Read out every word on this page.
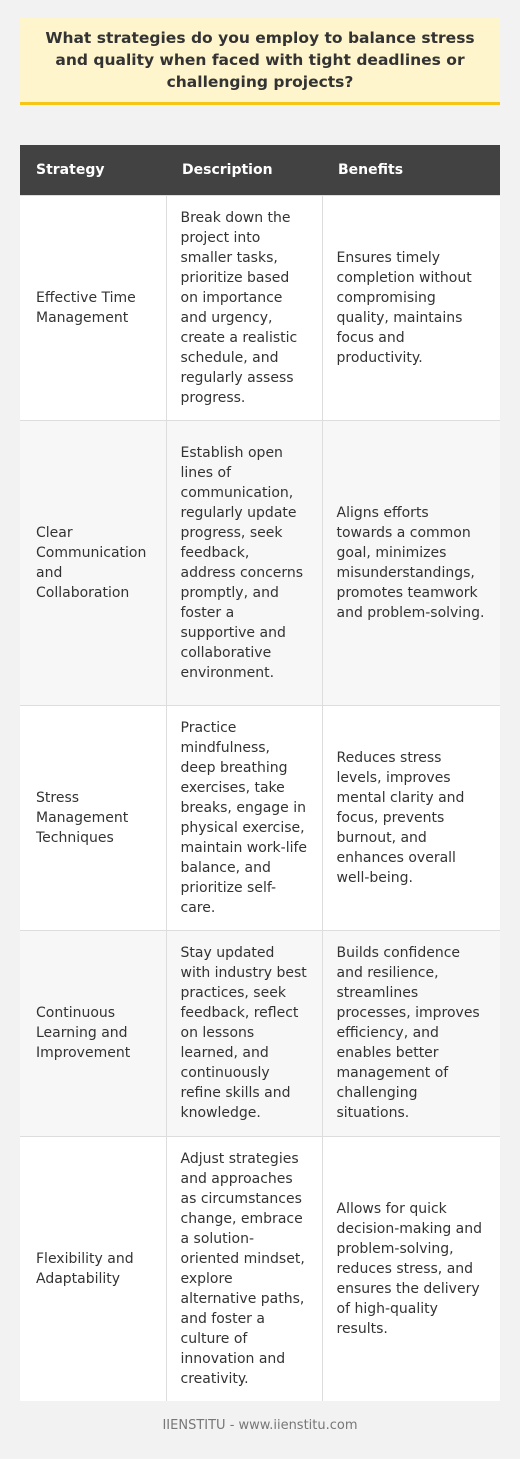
What strategies do you employ to balance stress and quality when faced with tight deadlines or challenging projects?
Strategy	Description	Benefits
Effective Time Management	Break down the project into smaller tasks, prioritize based on importance and urgency, create a realistic schedule, and regularly assess progress.	Ensures timely completion without compromising quality, maintains focus and productivity.
Clear Communication and Collaboration	Establish open lines of communication, regularly update progress, seek feedback, address concerns promptly, and foster a supportive and collaborative environment.	Aligns efforts towards a common goal, minimizes misunderstandings, promotes teamwork and problem-solving.
Stress Management Techniques	Practice mindfulness, deep breathing exercises, take breaks, engage in physical exercise, maintain work-life balance, and prioritize self-care.	Reduces stress levels, improves mental clarity and focus, prevents burnout, and enhances overall well-being.
Continuous Learning and Improvement	Stay updated with industry best practices, seek feedback, reflect on lessons learned, and continuously refine skills and knowledge.	Builds confidence and resilience, streamlines processes, improves efficiency, and enables better management of challenging situations.
Flexibility and Adaptability	Adjust strategies and approaches as circumstances change, embrace a solution-oriented mindset, explore alternative paths, and foster a culture of innovation and creativity.	Allows for quick decision-making and problem-solving, reduces stress, and ensures the delivery of high-quality results.
IIENSTITU - www.iienstitu.com
